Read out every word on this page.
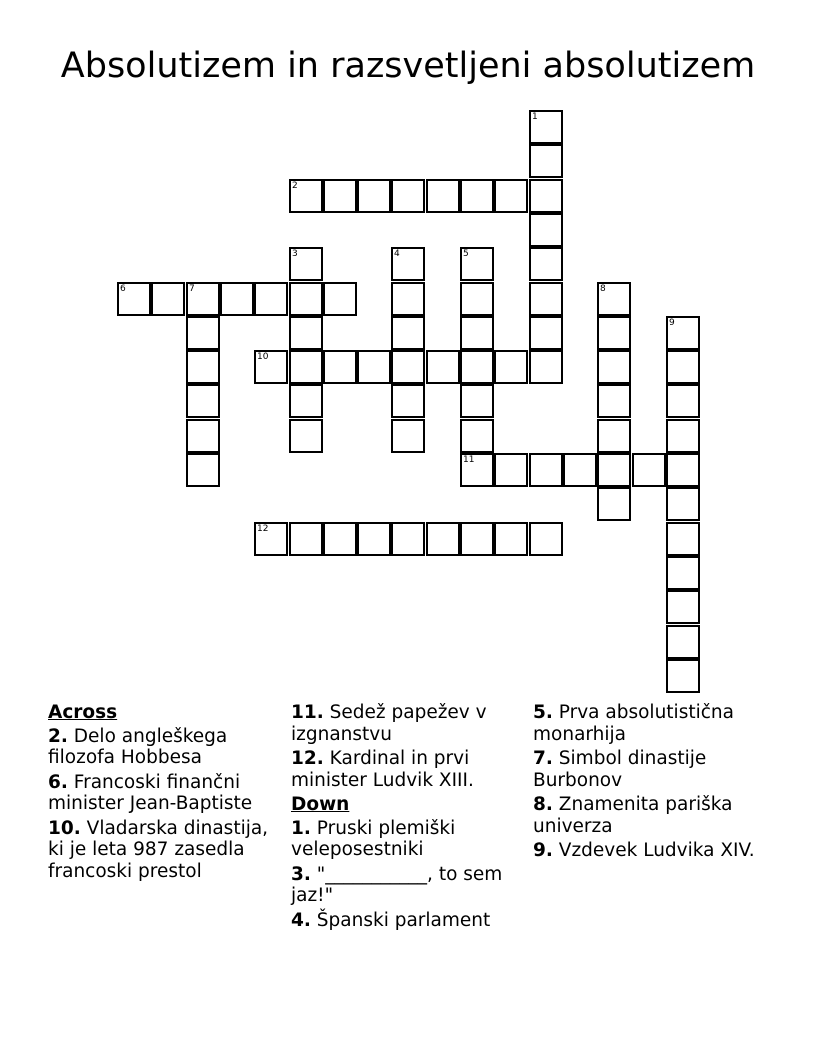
Absolutizem in razsvetljeni absolutizem
1
2
3	4	5
11
6	7	8
9
10
12
Across
2. Delo angleškega filozofa Hobbesa
6. Francoski finančni minister Jean-Baptiste
10. Vladarska dinastija, ki je leta 987 zasedla francoski prestol
11. Sedež papežev v izgnanstvu
12. Kardinal in prvi minister Ludvik XIII.
Down
1. Pruski plemiški veleposestniki
3. "___________, to sem jaz!"
4. Španski parlament
5. Prva absolutistična monarhija
7. Simbol dinastije Burbonov
8. Znamenita pariška univerza
9. Vzdevek Ludvika XIV.
